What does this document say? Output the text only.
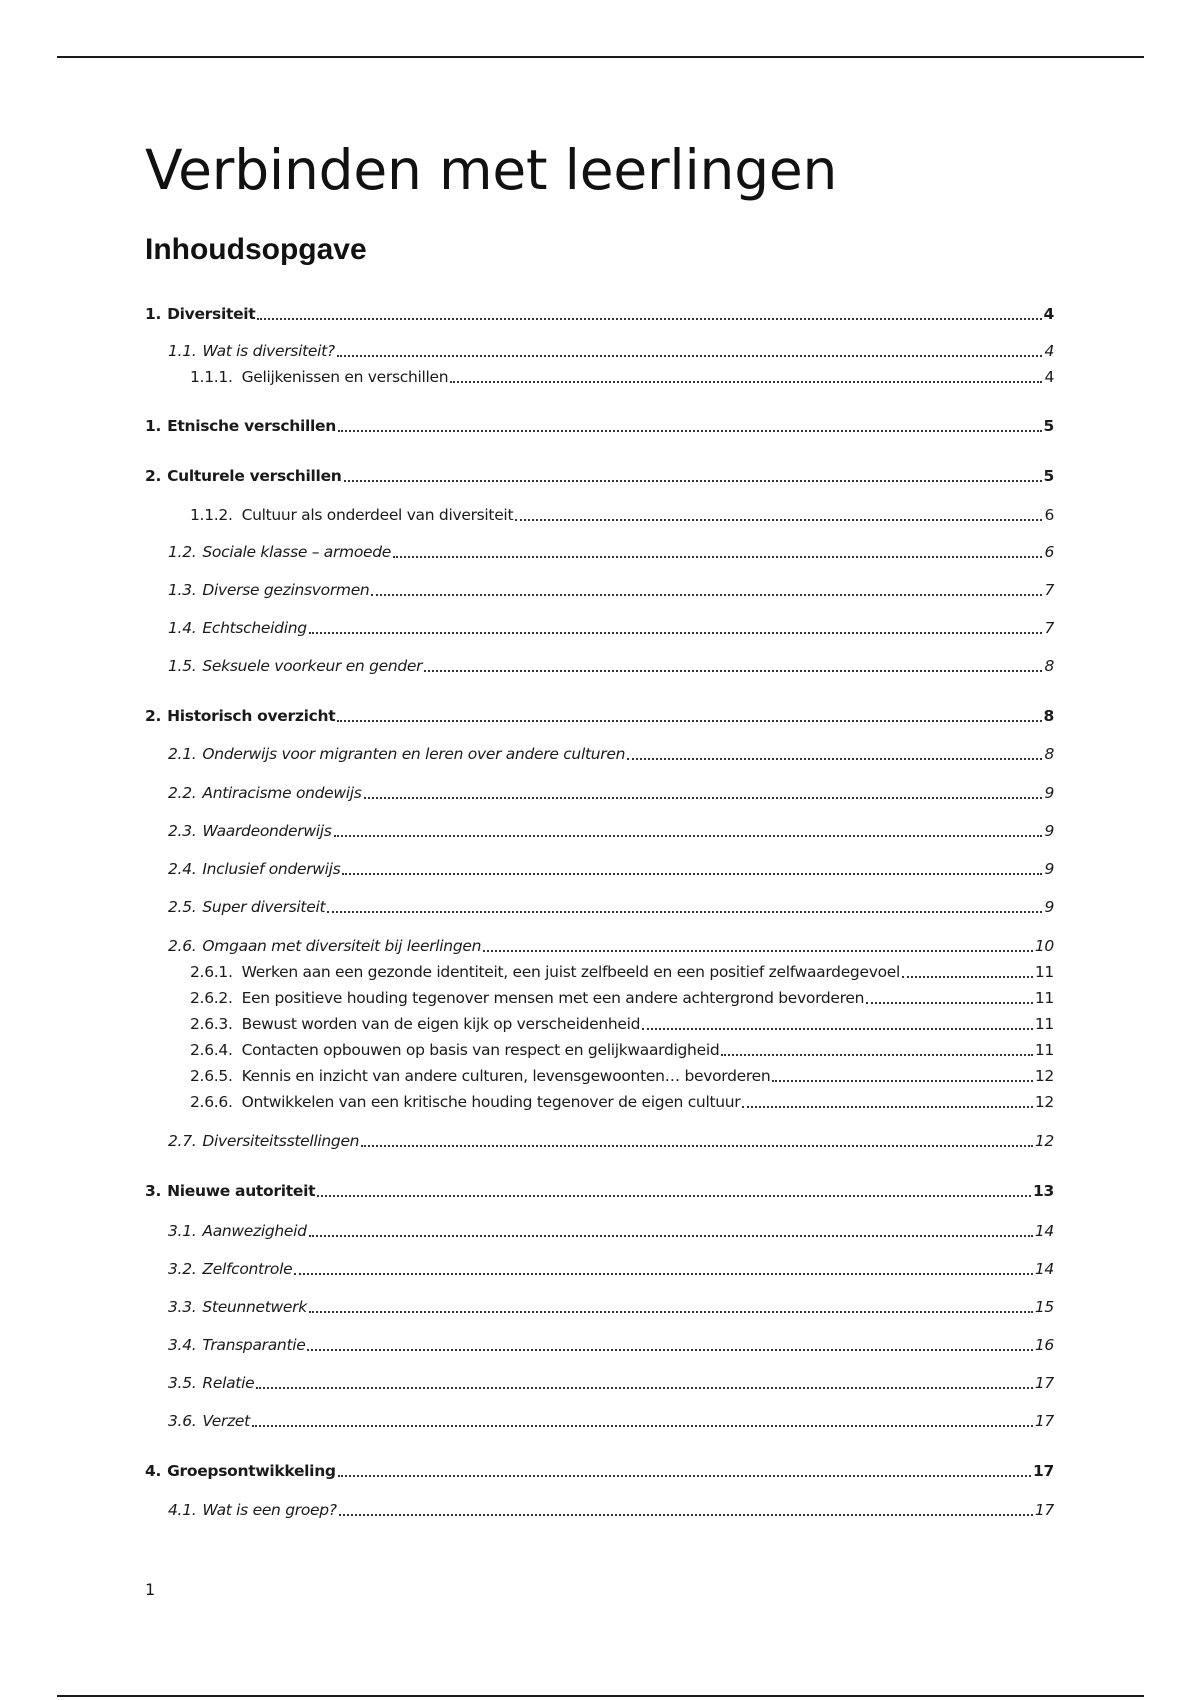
Verbinden met leerlingen
Inhoudsopgave
1. Diversiteit	4
1.1. Wat is diversiteit?	4
1.1.1. Gelijkenissen en verschillen	4
1. Etnische verschillen	5
2. Culturele verschillen	5
1.1.2. Cultuur als onderdeel van diversiteit	6
1.2. Sociale klasse – armoede	6
1.3. Diverse gezinsvormen	7
1.4. Echtscheiding	7
1.5. Seksuele voorkeur en gender	8
2. Historisch overzicht	8
2.1. Onderwijs voor migranten en leren over andere culturen	8
2.2. Antiracisme ondewijs	9
2.3. Waardeonderwijs	9
2.4. Inclusief onderwijs	9
2.5. Super diversiteit	9
2.6. Omgaan met diversiteit bij leerlingen	10
2.6.1. Werken aan een gezonde identiteit, een juist zelfbeeld en een positief zelfwaardegevoel	11
2.6.2. Een positieve houding tegenover mensen met een andere achtergrond bevorderen	11
2.6.3. Bewust worden van de eigen kijk op verscheidenheid	11
2.6.4. Contacten opbouwen op basis van respect en gelijkwaardigheid	11
2.6.5. Kennis en inzicht van andere culturen, levensgewoonten… bevorderen	12
2.6.6. Ontwikkelen van een kritische houding tegenover de eigen cultuur	12
2.7. Diversiteitsstellingen	12
3. Nieuwe autoriteit	13
3.1. Aanwezigheid	14
3.2. Zelfcontrole	14
3.3. Steunnetwerk	15
3.4. Transparantie	16
3.5. Relatie	17
3.6. Verzet	17
4. Groepsontwikkeling	17
4.1. Wat is een groep?	17
1
